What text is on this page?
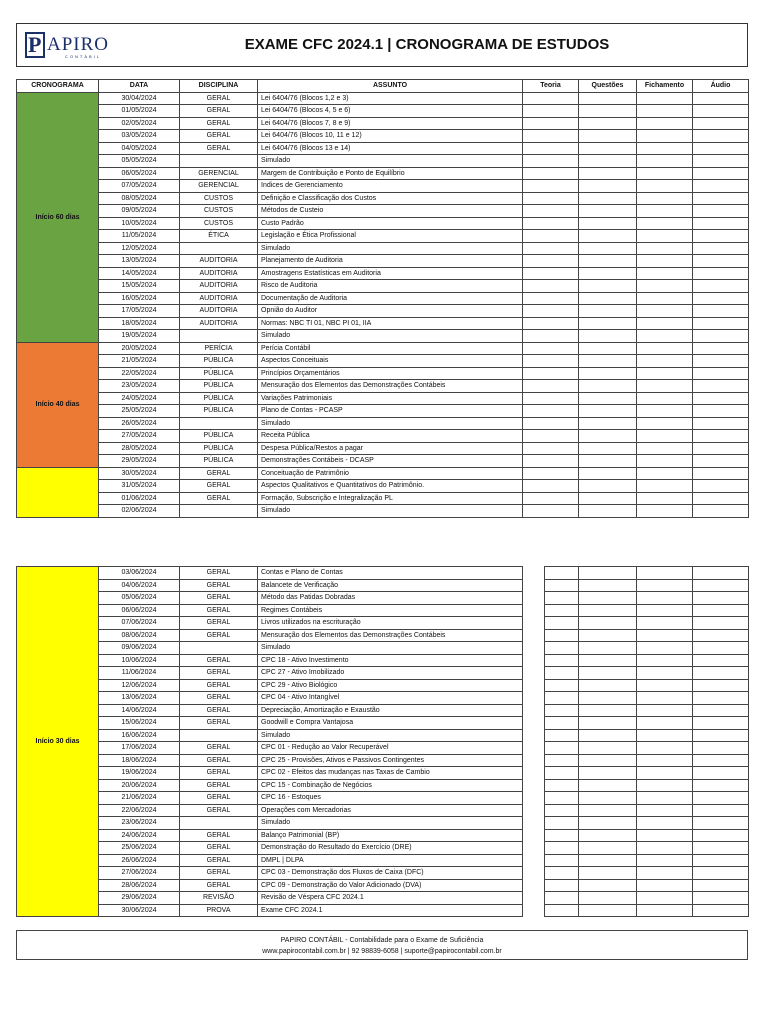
P APIRO
CONTÁBIL
EXAME CFC 2024.1 | CRONOGRAMA DE ESTUDOS
CRONOGRAMA	DATA	DISCIPLINA	ASSUNTO	Teoria	Questões	Fichamento	Áudio
Início 60 dias	30/04/2024	GERAL	Lei 6404/76 (Blocos 1,2 e 3)				
	01/05/2024	GERAL	Lei 6404/76 (Blocos 4, 5 e 6)				
	02/05/2024	GERAL	Lei 6404/76 (Blocos 7, 8 e 9)				
	03/05/2024	GERAL	Lei 6404/76 (Blocos 10, 11 e 12)				
	04/05/2024	GERAL	Lei 6404/76 (Blocos 13 e 14)				
	05/05/2024		Simulado				
	06/05/2024	GERENCIAL	Margem de Contribuição e Ponto de Equilíbrio				
	07/05/2024	GERENCIAL	Indices de Gerenciamento				
	08/05/2024	CUSTOS	Definição e Classificação dos Custos				
	09/05/2024	CUSTOS	Métodos de Custeio				
	10/05/2024	CUSTOS	Custo Padrão				
	11/05/2024	ÉTICA	Legislação e Ética Profissional				
	12/05/2024		Simulado				
	13/05/2024	AUDITORIA	Planejamento de Auditoria				
	14/05/2024	AUDITORIA	Amostragens Estatísticas em Auditoria				
	15/05/2024	AUDITORIA	Risco de Auditoria				
	16/05/2024	AUDITORIA	Documentação de Auditoria				
	17/05/2024	AUDITORIA	Opnião do Auditor				
	18/05/2024	AUDITORIA	Normas: NBC TI 01, NBC PI 01, IIA				
	19/05/2024		Simulado				
Início 40 dias	20/05/2024	PERÍCIA	Perícia Contábil				
	21/05/2024	PÚBLICA	Aspectos Conceituais				
	22/05/2024	PÚBLICA	Princípios Orçamentários				
	23/05/2024	PÚBLICA	Mensuração dos Elementos das Demonstrações Contábeis				
	24/05/2024	PÚBLICA	Variações Patrimoniais				
	25/05/2024	PÚBLICA	Plano de Contas - PCASP				
	26/05/2024		Simulado				
	27/05/2024	PÚBLICA	Receita Pública				
	28/05/2024	PÚBLICA	Despesa Pública/Restos a pagar				
	29/05/2024	PÚBLICA	Demonstrações Contábeis - DCASP				
	30/05/2024	GERAL	Conceituação de Patrimônio				
	31/05/2024	GERAL	Aspectos Qualitativos e Quantitativos do Patrimônio.				
	01/06/2024	GERAL	Formação, Subscrição e Integralização PL				
	02/06/2024		Simulado				
Início 30 dias	03/06/2024	GERAL	Contas e Plano de Contas					
	04/06/2024	GERAL	Balancete de Verificação					
	05/06/2024	GERAL	Método das Patidas Dobradas					
	06/06/2024	GERAL	Regimes Contábeis					
	07/06/2024	GERAL	Livros utilizados na escrituração					
	08/06/2024	GERAL	Mensuração dos Elementos das Demonstrações Contábeis					
	09/06/2024		Simulado					
	10/06/2024	GERAL	CPC 18 - Ativo Investimento					
	11/06/2024	GERAL	CPC 27 - Ativo Imobilizado					
	12/06/2024	GERAL	CPC 29 - Ativo Biológico					
	13/06/2024	GERAL	CPC 04 - Ativo Intangível					
	14/06/2024	GERAL	Depreciação, Amortização e Exaustão					
	15/06/2024	GERAL	Goodwill e Compra Vantajosa					
	16/06/2024		Simulado					
	17/06/2024	GERAL	CPC 01 - Redução ao Valor Recuperável					
	18/06/2024	GERAL	CPC 25 - Provisões, Ativos e Passivos Contingentes					
	19/06/2024	GERAL	CPC 02 - Efeitos das mudanças nas Taxas de Cambio					
	20/06/2024	GERAL	CPC 15 - Combinação de Negócios					
	21/06/2024	GERAL	CPC 16 - Estoques					
	22/06/2024	GERAL	Operações com Mercadorias					
	23/06/2024		Simulado					
	24/06/2024	GERAL	Balanço Patrimonial (BP)					
	25/06/2024	GERAL	Demonstração do Resultado do Exercício (DRE)					
	26/06/2024	GERAL	DMPL | DLPA					
	27/06/2024	GERAL	CPC 03 - Demonstração dos Fluxos de Caixa (DFC)					
	28/06/2024	GERAL	CPC 09 - Demonstração do Valor Adicionado (DVA)					
	29/06/2024	REVISÃO	Revisão de Véspera CFC 2024.1					
	30/06/2024	PROVA	Exame CFC 2024.1					
PAPIRO CONTÁBIL - Contabilidade para o Exame de Suficiência
www.papirocontabil.com.br | 92 98839-6058 | suporte@papirocontabil.com.br
